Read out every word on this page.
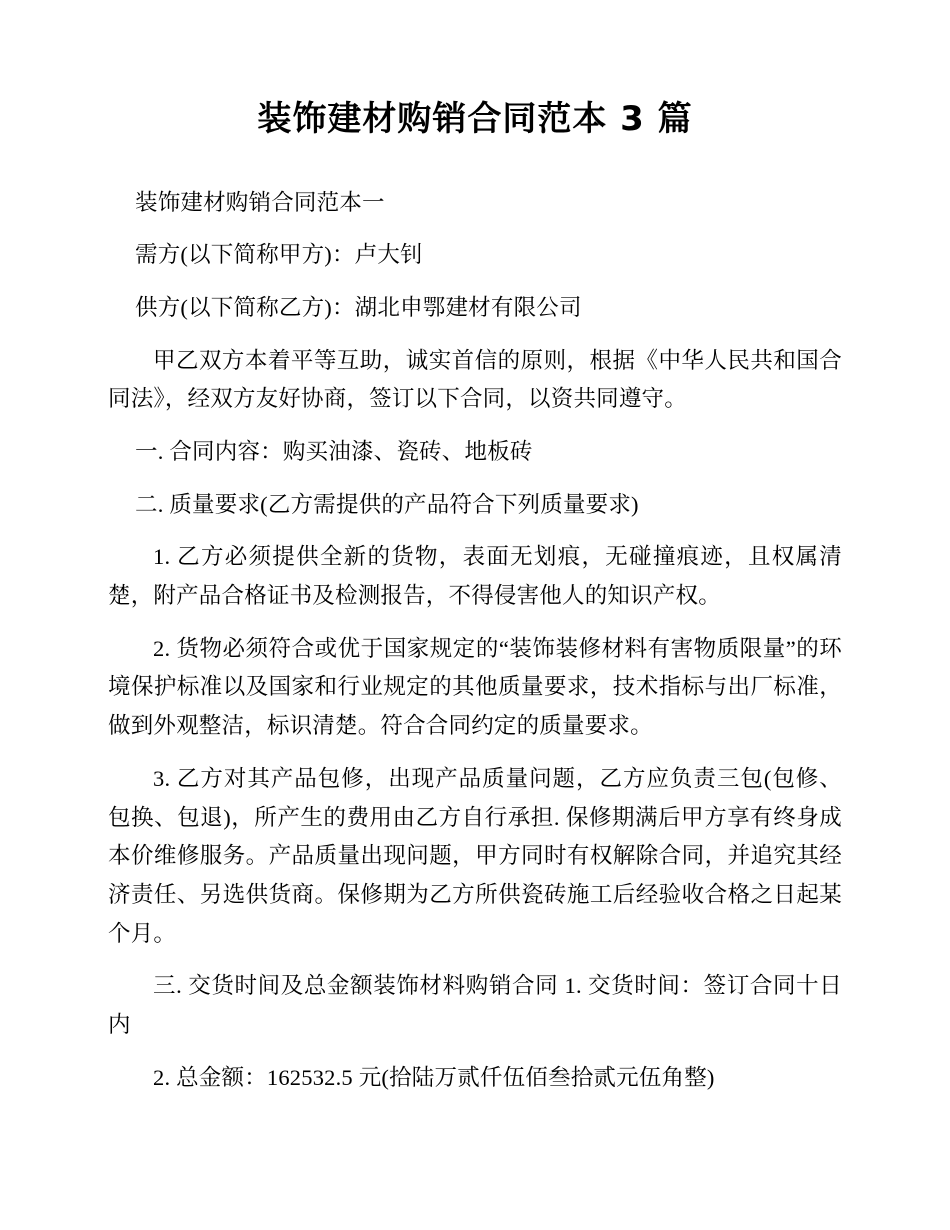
装饰建材购销合同范本 3 篇

装饰建材购销合同范本一

需方(以下简称甲方)：卢大钊

供方(以下简称乙方)：湖北申鄂建材有限公司

甲乙双方本着平等互助，诚实首信的原则，根据《中华人民共和国合同法》，经双方友好协商，签订以下合同，以资共同遵守。

一. 合同内容：购买油漆、瓷砖、地板砖

二. 质量要求(乙方需提供的产品符合下列质量要求)

1. 乙方必须提供全新的货物，表面无划痕，无碰撞痕迹，且权属清楚，附产品合格证书及检测报告，不得侵害他人的知识产权。

2. 货物必须符合或优于国家规定的“装饰装修材料有害物质限量”的环境保护标准以及国家和行业规定的其他质量要求，技术指标与出厂标准，做到外观整洁，标识清楚。符合合同约定的质量要求。

3. 乙方对其产品包修，出现产品质量问题，乙方应负责三包(包修、包换、包退)，所产生的费用由乙方自行承担. 保修期满后甲方享有终身成本价维修服务。产品质量出现问题，甲方同时有权解除合同，并追究其经济责任、另选供货商。保修期为乙方所供瓷砖施工后经验收合格之日起某个月。

三. 交货时间及总金额装饰材料购销合同 1. 交货时间：签订合同十日内

2. 总金额：162532.5 元(拾陆万贰仟伍佰叁拾贰元伍角整)
